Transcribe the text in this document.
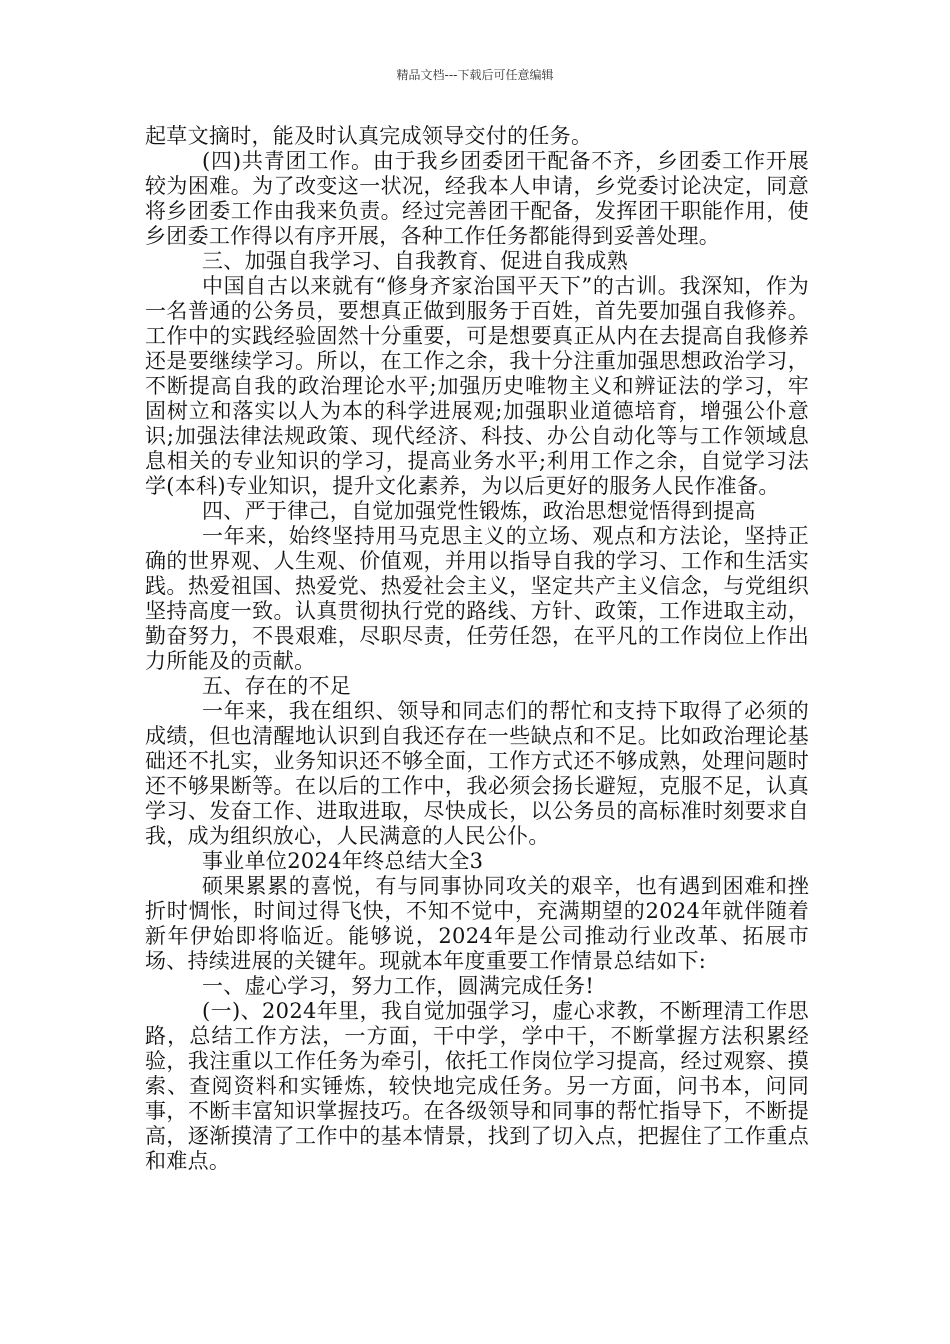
精品文档---下载后可任意编辑

起草文摘时，能及时认真完成领导交付的任务。

(四)共青团工作。由于我乡团委团干配备不齐，乡团委工作开展较为困难。为了改变这一状况，经我本人申请，乡党委讨论决定，同意将乡团委工作由我来负责。经过完善团干配备，发挥团干职能作用，使乡团委工作得以有序开展，各种工作任务都能得到妥善处理。

三、加强自我学习、自我教育、促进自我成熟

中国自古以来就有“修身齐家治国平天下”的古训。我深知，作为一名普通的公务员，要想真正做到服务于百姓，首先要加强自我修养。工作中的实践经验固然十分重要，可是想要真正从内在去提高自我修养还是要继续学习。所以，在工作之余，我十分注重加强思想政治学习，不断提高自我的政治理论水平;加强历史唯物主义和辨证法的学习，牢固树立和落实以人为本的科学进展观;加强职业道德培育，增强公仆意识;加强法律法规政策、现代经济、科技、办公自动化等与工作领域息息相关的专业知识的学习，提高业务水平;利用工作之余，自觉学习法学(本科)专业知识，提升文化素养，为以后更好的服务人民作准备。

四、严于律己，自觉加强党性锻炼，政治思想觉悟得到提高

一年来，始终坚持用马克思主义的立场、观点和方法论，坚持正确的世界观、人生观、价值观，并用以指导自我的学习、工作和生活实践。热爱祖国、热爱党、热爱社会主义，坚定共产主义信念，与党组织坚持高度一致。认真贯彻执行党的路线、方针、政策，工作进取主动，勤奋努力，不畏艰难，尽职尽责，任劳任怨，在平凡的工作岗位上作出力所能及的贡献。

五、存在的不足

一年来，我在组织、领导和同志们的帮忙和支持下取得了必须的成绩，但也清醒地认识到自我还存在一些缺点和不足。比如政治理论基础还不扎实，业务知识还不够全面，工作方式还不够成熟，处理问题时还不够果断等。在以后的工作中，我必须会扬长避短，克服不足，认真学习、发奋工作、进取进取，尽快成长，以公务员的高标准时刻要求自我，成为组织放心，人民满意的人民公仆。

事业单位2024年终总结大全3

硕果累累的喜悦，有与同事协同攻关的艰辛，也有遇到困难和挫折时惆怅，时间过得飞快，不知不觉中，充满期望的2024年就伴随着新年伊始即将临近。能够说，2024年是公司推动行业改革、拓展市场、持续进展的关键年。现就本年度重要工作情景总结如下:

一、虚心学习，努力工作，圆满完成任务!

(一)、2024年里，我自觉加强学习，虚心求教，不断理清工作思路，总结工作方法，一方面，干中学，学中干，不断掌握方法积累经验，我注重以工作任务为牵引，依托工作岗位学习提高，经过观察、摸索、查阅资料和实锤炼，较快地完成任务。另一方面，问书本，问同事，不断丰富知识掌握技巧。在各级领导和同事的帮忙指导下，不断提高，逐渐摸清了工作中的基本情景，找到了切入点，把握住了工作重点和难点。
